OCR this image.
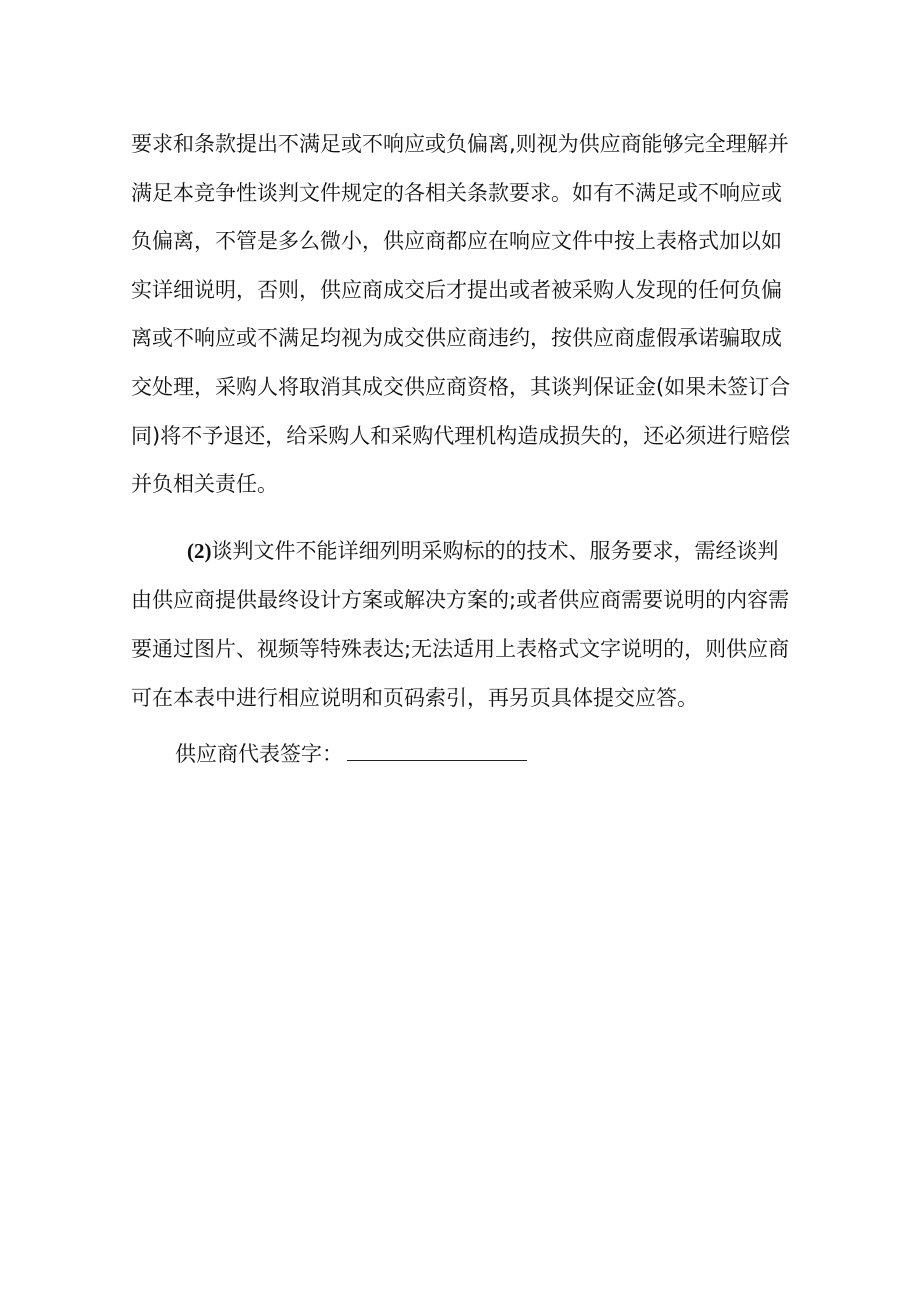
要求和条款提出不满足或不响应或负偏离,则视为供应商能够完全理解并满足本竞争性谈判文件规定的各相关条款要求。如有不满足或不响应或负偏离，不管是多么微小，供应商都应在响应文件中按上表格式加以如实详细说明，否则，供应商成交后才提出或者被采购人发现的任何负偏离或不响应或不满足均视为成交供应商违约，按供应商虚假承诺骗取成交处理，采购人将取消其成交供应商资格，其谈判保证金(如果未签订合同)将不予退还，给采购人和采购代理机构造成损失的，还必须进行赔偿并负相关责任。

(2)谈判文件不能详细列明采购标的的技术、服务要求，需经谈判由供应商提供最终设计方案或解决方案的;或者供应商需要说明的内容需要通过图片、视频等特殊表达;无法适用上表格式文字说明的，则供应商可在本表中进行相应说明和页码索引，再另页具体提交应答。

供应商代表签字：
